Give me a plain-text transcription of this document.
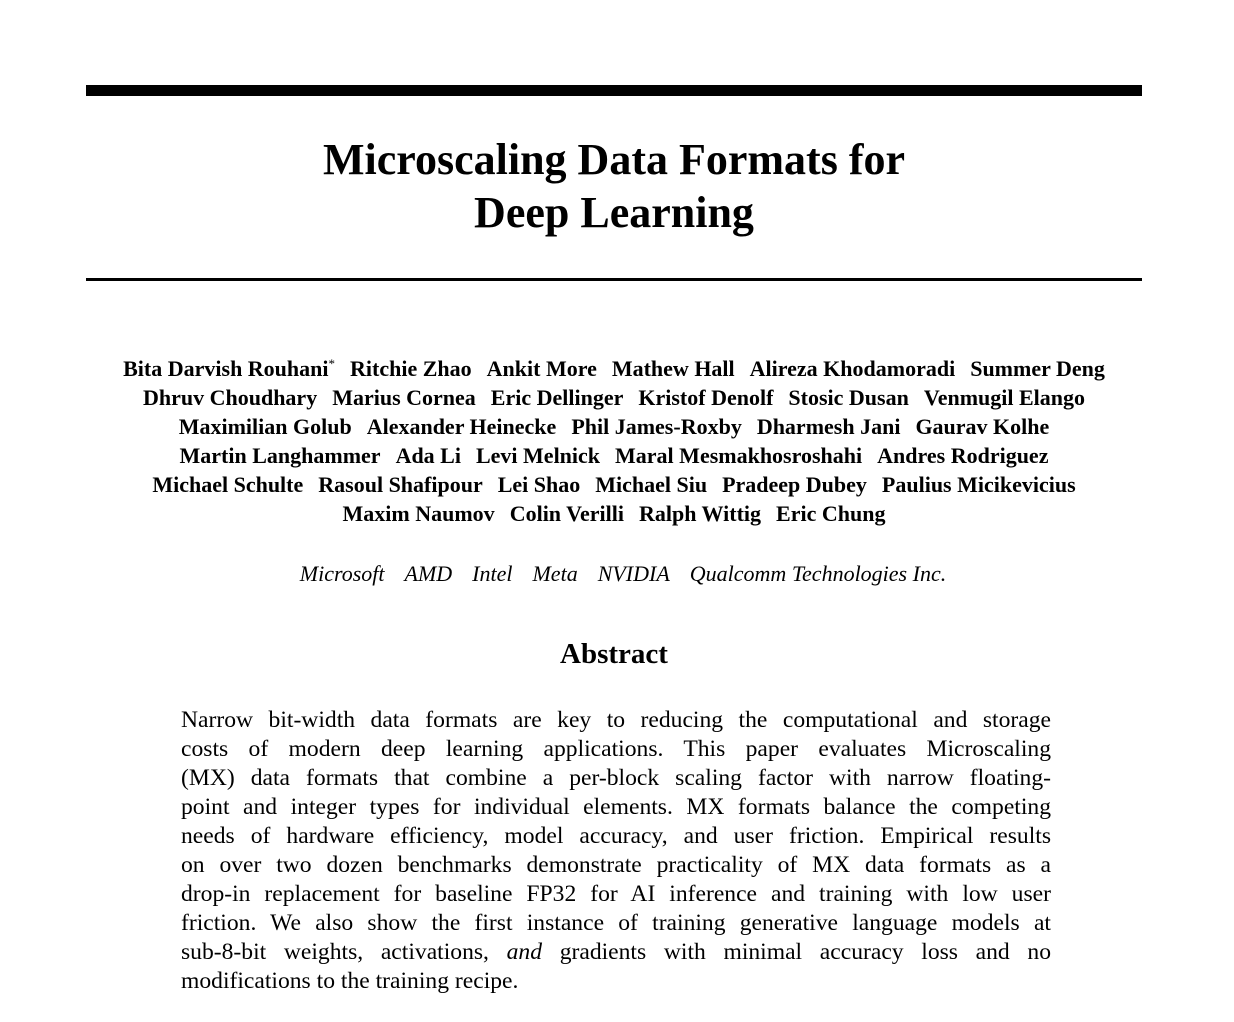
Microscaling Data Formats for
Deep Learning
Bita Darvish Rouhani* Ritchie Zhao Ankit More Mathew Hall Alireza Khodamoradi Summer Deng
Dhruv Choudhary Marius Cornea Eric Dellinger Kristof Denolf Stosic Dusan Venmugil Elango
Maximilian Golub Alexander Heinecke Phil James-Roxby Dharmesh Jani Gaurav Kolhe
Martin Langhammer Ada Li Levi Melnick Maral Mesmakhosroshahi Andres Rodriguez
Michael Schulte Rasoul Shafipour Lei Shao Michael Siu Pradeep Dubey Paulius Micikevicius
Maxim Naumov Colin Verilli Ralph Wittig Eric Chung
Microsoft AMD Intel Meta NVIDIA Qualcomm Technologies Inc.
Abstract
Narrow bit-width data formats are key to reducing the computational and storage
costs of modern deep learning applications. This paper evaluates Microscaling
(MX) data formats that combine a per-block scaling factor with narrow floating-
point and integer types for individual elements. MX formats balance the competing
needs of hardware efficiency, model accuracy, and user friction. Empirical results
on over two dozen benchmarks demonstrate practicality of MX data formats as a
drop-in replacement for baseline FP32 for AI inference and training with low user
friction. We also show the first instance of training generative language models at
sub-8-bit weights, activations, and gradients with minimal accuracy loss and no
modifications to the training recipe.
